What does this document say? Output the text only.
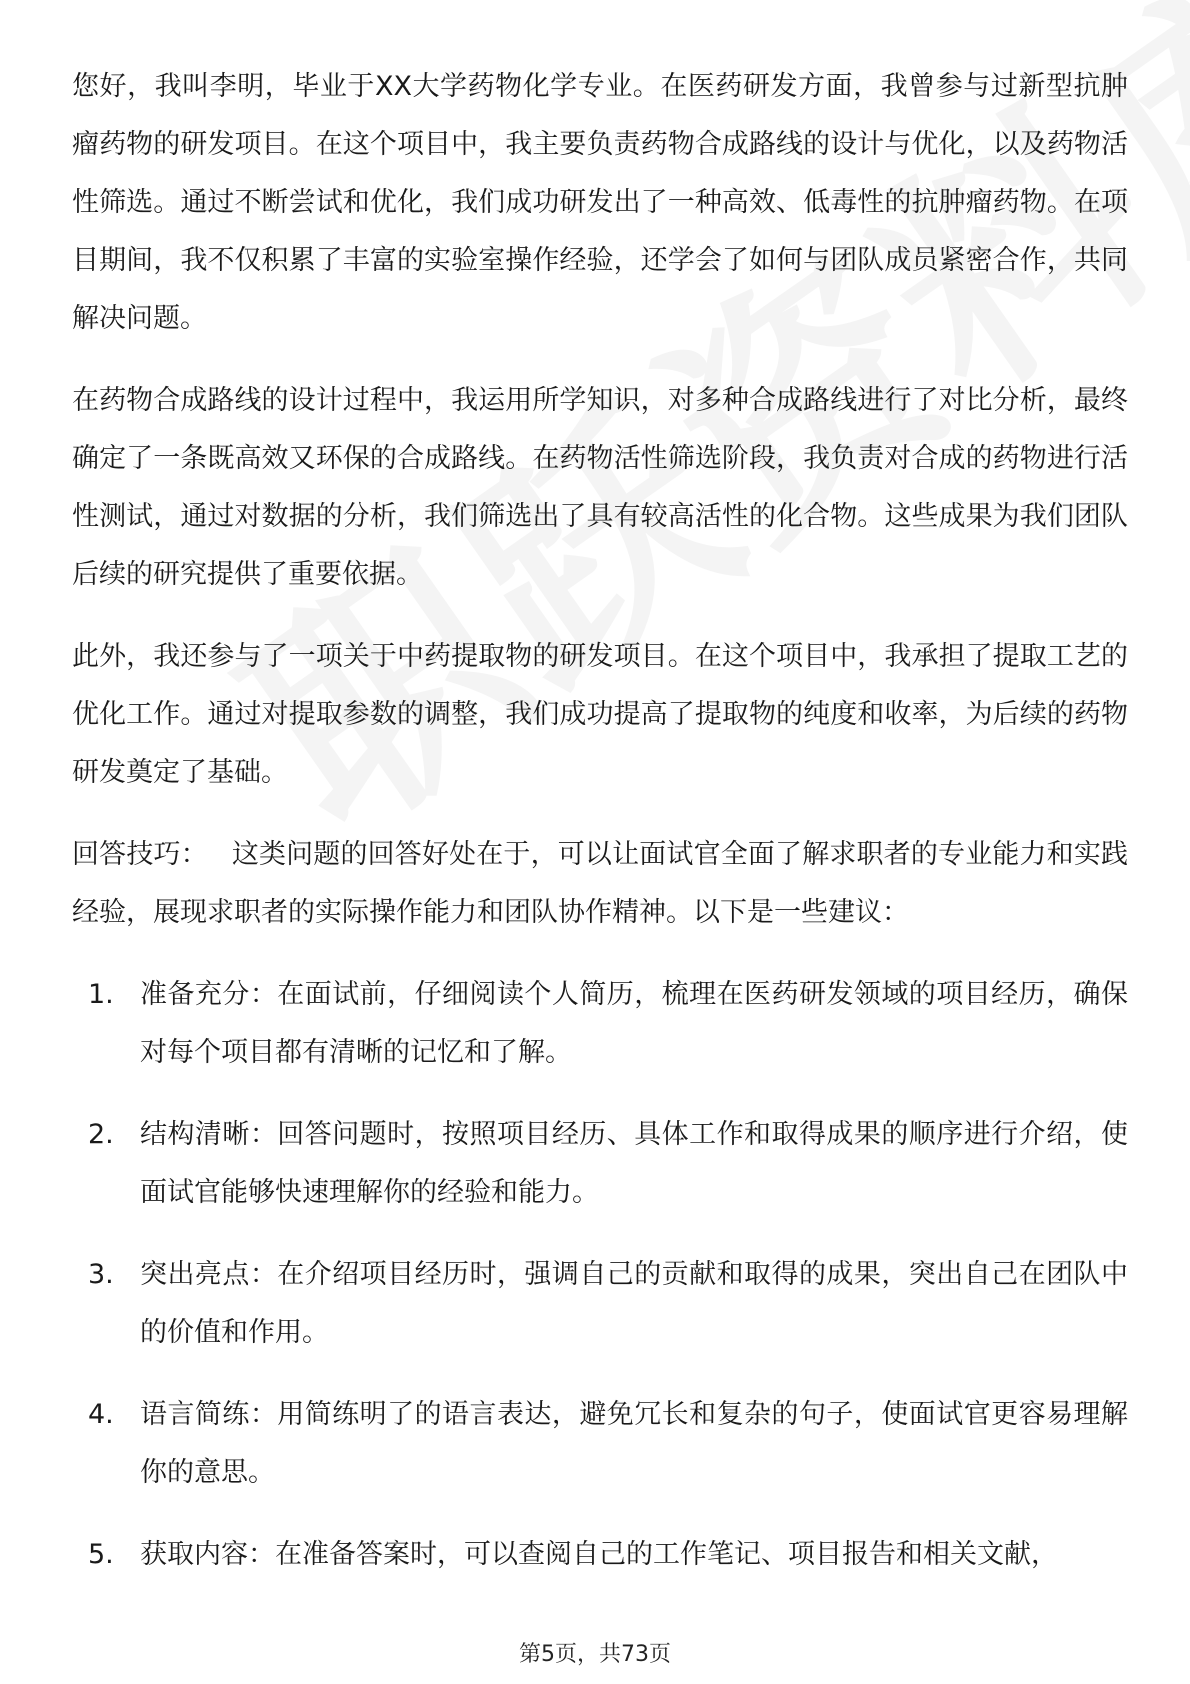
您好，我叫李明，毕业于XX大学药物化学专业。在医药研发方面，我曾参与过新型抗肿瘤药物的研发项目。在这个项目中，我主要负责药物合成路线的设计与优化，以及药物活性筛选。通过不断尝试和优化，我们成功研发出了一种高效、低毒性的抗肿瘤药物。在项目期间，我不仅积累了丰富的实验室操作经验，还学会了如何与团队成员紧密合作，共同解决问题。

在药物合成路线的设计过程中，我运用所学知识，对多种合成路线进行了对比分析，最终确定了一条既高效又环保的合成路线。在药物活性筛选阶段，我负责对合成的药物进行活性测试，通过对数据的分析，我们筛选出了具有较高活性的化合物。这些成果为我们团队后续的研究提供了重要依据。

此外，我还参与了一项关于中药提取物的研发项目。在这个项目中，我承担了提取工艺的优化工作。通过对提取参数的调整，我们成功提高了提取物的纯度和收率，为后续的药物研发奠定了基础。

回答技巧： 这类问题的回答好处在于，可以让面试官全面了解求职者的专业能力和实践经验，展现求职者的实际操作能力和团队协作精神。以下是一些建议：

1. 准备充分：在面试前，仔细阅读个人简历，梳理在医药研发领域的项目经历，确保对每个项目都有清晰的记忆和了解。
2. 结构清晰：回答问题时，按照项目经历、具体工作和取得成果的顺序进行介绍，使面试官能够快速理解你的经验和能力。
3. 突出亮点：在介绍项目经历时，强调自己的贡献和取得的成果，突出自己在团队中的价值和作用。
4. 语言简练：用简练明了的语言表达，避免冗长和复杂的句子，使面试官更容易理解你的意思。
5. 获取内容：在准备答案时，可以查阅自己的工作笔记、项目报告和相关文献，
第5页，共73页
